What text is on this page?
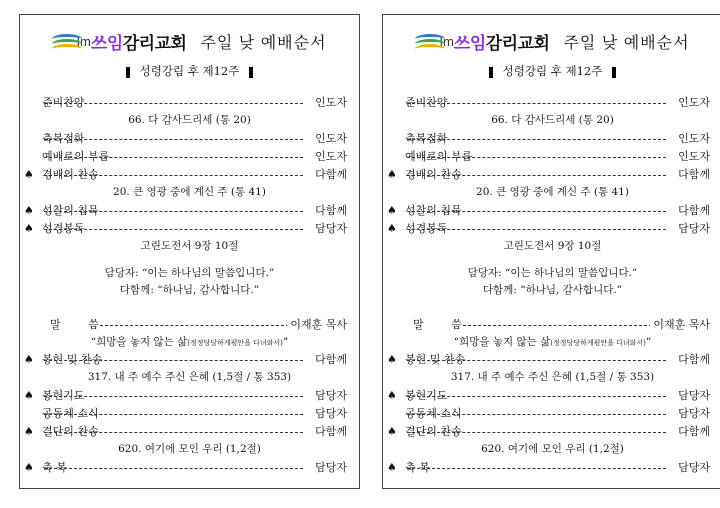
Im쓰임감리교회 주일 낮 예배순서
성령강림 후 제12주
준비찬양	인도자
66. 다 감사드리세 (통 20)
축복점화	인도자
예배로의 부름	인도자
♠ 경배의 찬송	다함께
20. 큰 영광 중에 계신 주 (통 41)
♠ 성찰의 침묵	다함께
♠ 성경봉독	담당자
고린도전서 9장 10절
담당자: “이는 하나님의 말씀입니다.”
다함께: “하나님, 감사합니다.”
말 씀	이재훈 목사
“희망을 놓지 않는 삶(정정당당하게평안을 다녀와서)”
♠ 봉헌 및 찬송	다함께
317. 내 주 예수 주신 은혜 (1,5절 / 통 353)
♠ 봉헌기도	담당자
공동체 소식	담당자
♠ 결단의 찬송	다함께
620. 여기에 모인 우리 (1,2절)
♠ 축 복	담당자
Im쓰임감리교회 주일 낮 예배순서
성령강림 후 제12주
준비찬양	인도자
66. 다 감사드리세 (통 20)
축복점화	인도자
예배로의 부름	인도자
♠ 경배의 찬송	다함께
20. 큰 영광 중에 계신 주 (통 41)
♠ 성찰의 침묵	다함께
♠ 성경봉독	담당자
고린도전서 9장 10절
담당자: “이는 하나님의 말씀입니다.”
다함께: “하나님, 감사합니다.”
말 씀	이재훈 목사
“희망을 놓지 않는 삶(정정당당하게평안을 다녀와서)”
♠ 봉헌 및 찬송	다함께
317. 내 주 예수 주신 은혜 (1,5절 / 통 353)
♠ 봉헌기도	담당자
공동체 소식	담당자
♠ 결단의 찬송	다함께
620. 여기에 모인 우리 (1,2절)
♠ 축 복	담당자
